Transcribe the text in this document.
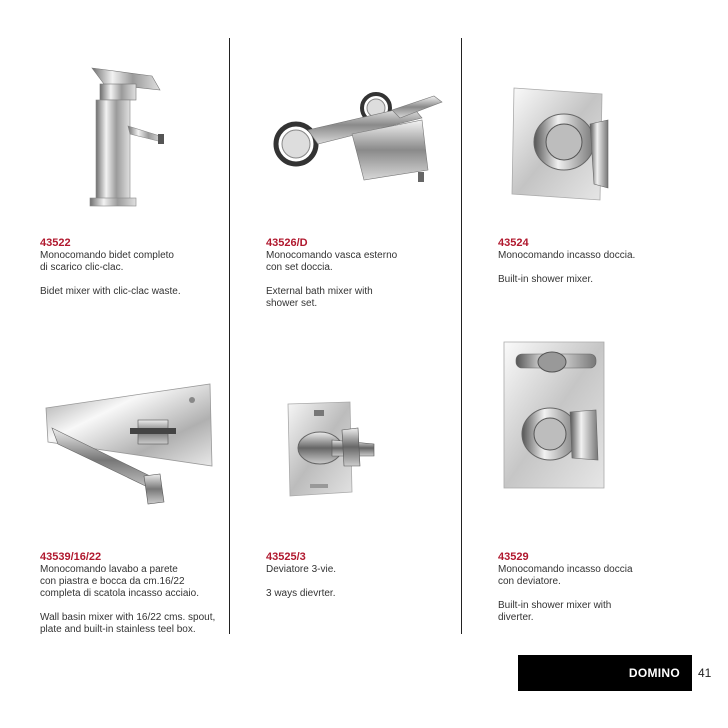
43522
Monocomando bidet completo
di scarico clic-clac.
Bidet mixer with clic-clac waste.
43526/D
Monocomando vasca esterno
con set doccia.
External bath mixer with
shower set.
43524
Monocomando incasso doccia.
Built-in shower mixer.
43539/16/22
Monocomando lavabo a parete
con piastra e bocca da cm.16/22
completa di scatola incasso acciaio.
Wall basin mixer with 16/22 cms. spout,
plate and built-in stainless teel box.
43525/3
Deviatore 3-vie.
3 ways dievrter.
43529
Monocomando incasso doccia
con deviatore.
Built-in shower mixer with
diverter.
DOMINO	41
